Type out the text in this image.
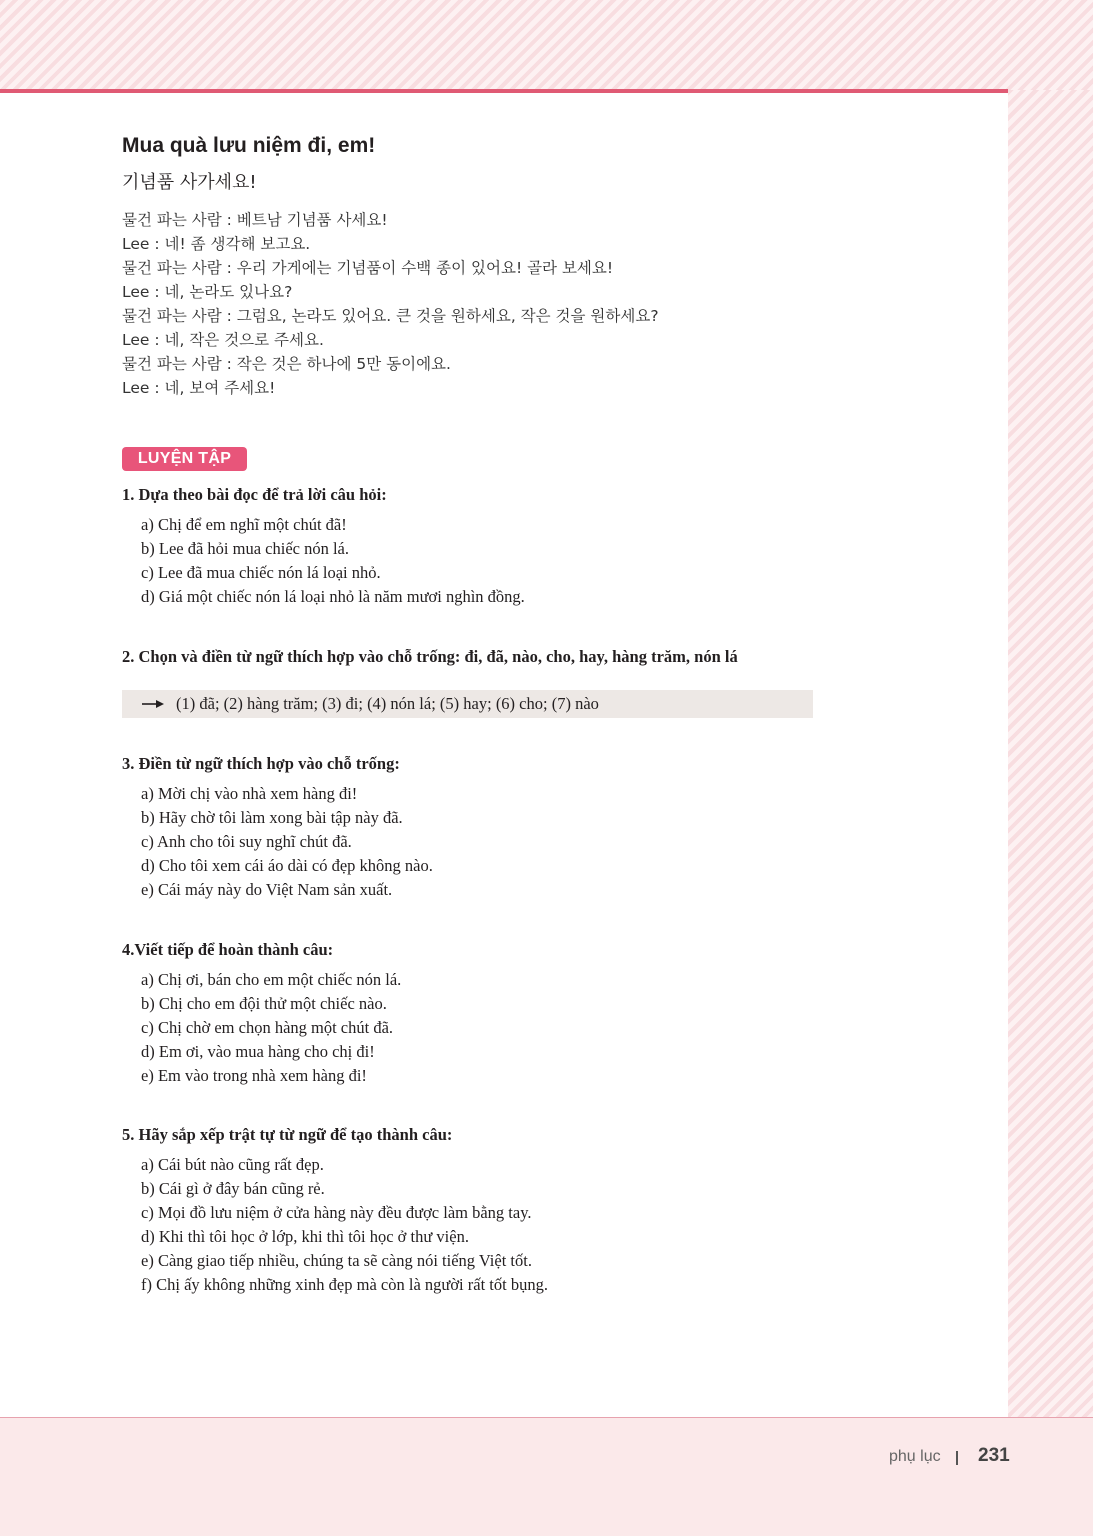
Mua quà lưu niệm đi, em!
기념품 사가세요!
물건 파는 사람 : 베트남 기념품 사세요!
Lee : 네! 좀 생각해 보고요.
물건 파는 사람 : 우리 가게에는 기념품이 수백 종이 있어요! 골라 보세요!
Lee : 네, 논라도 있나요?
물건 파는 사람 : 그럼요, 논라도 있어요. 큰 것을 원하세요, 작은 것을 원하세요?
Lee : 네, 작은 것으로 주세요.
물건 파는 사람 : 작은 것은 하나에 5만 동이에요.
Lee : 네, 보여 주세요!
LUYỆN TẬP
1. Dựa theo bài đọc để trả lời câu hỏi:
a) Chị để em nghĩ một chút đã!
b) Lee đã hỏi mua chiếc nón lá.
c) Lee đã mua chiếc nón lá loại nhỏ.
d) Giá một chiếc nón lá loại nhỏ là năm mươi nghìn đồng.
2. Chọn và điền từ ngữ thích hợp vào chỗ trống: đi, đã, nào, cho, hay, hàng trăm, nón lá
(1) đã; (2) hàng trăm; (3) đi; (4) nón lá; (5) hay; (6) cho; (7) nào
3. Điền từ ngữ thích hợp vào chỗ trống:
a) Mời chị vào nhà xem hàng đi!
b) Hãy chờ tôi làm xong bài tập này đã.
c) Anh cho tôi suy nghĩ chút đã.
d) Cho tôi xem cái áo dài có đẹp không nào.
e) Cái máy này do Việt Nam sản xuất.
4.Viết tiếp để hoàn thành câu:
a) Chị ơi, bán cho em một chiếc nón lá.
b) Chị cho em đội thử một chiếc nào.
c) Chị chờ em chọn hàng một chút đã.
d) Em ơi, vào mua hàng cho chị đi!
e) Em vào trong nhà xem hàng đi!
5. Hãy sắp xếp trật tự từ ngữ để tạo thành câu:
a) Cái bút nào cũng rất đẹp.
b) Cái gì ở đây bán cũng rẻ.
c) Mọi đồ lưu niệm ở cửa hàng này đều được làm bằng tay.
d) Khi thì tôi học ở lớp, khi thì tôi học ở thư viện.
e) Càng giao tiếp nhiều, chúng ta sẽ càng nói tiếng Việt tốt.
f) Chị ấy không những xinh đẹp mà còn là người rất tốt bụng.
phụ lục 231
